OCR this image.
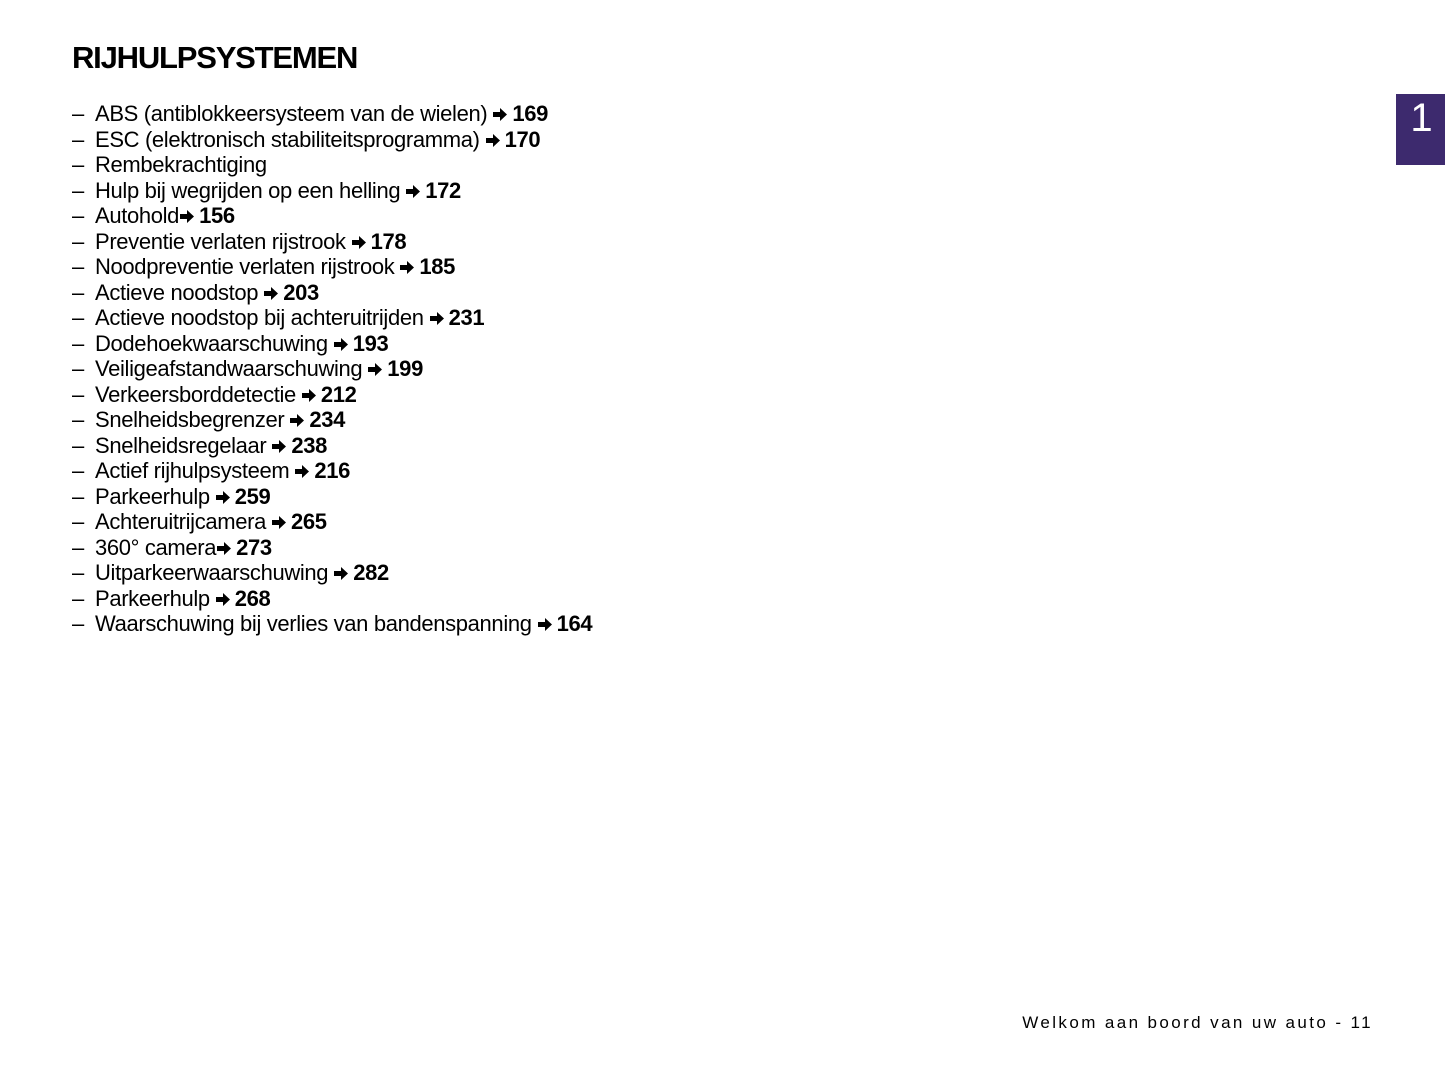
RIJHULPSYSTEMEN
– ABS (antiblokkeersysteem van de wielen) 169
– ESC (elektronisch stabiliteitsprogramma) 170
– Rembekrachtiging
– Hulp bij wegrijden op een helling 172
– Autohold 156
– Preventie verlaten rijstrook 178
– Noodpreventie verlaten rijstrook 185
– Actieve noodstop 203
– Actieve noodstop bij achteruitrijden 231
– Dodehoekwaarschuwing 193
– Veiligeafstandwaarschuwing 199
– Verkeersborddetectie 212
– Snelheidsbegrenzer 234
– Snelheidsregelaar 238
– Actief rijhulpsysteem 216
– Parkeerhulp 259
– Achteruitrijcamera 265
– 360° camera 273
– Uitparkeerwaarschuwing 282
– Parkeerhulp 268
– Waarschuwing bij verlies van bandenspanning 164
1
Welkom aan boord van uw auto - 11
